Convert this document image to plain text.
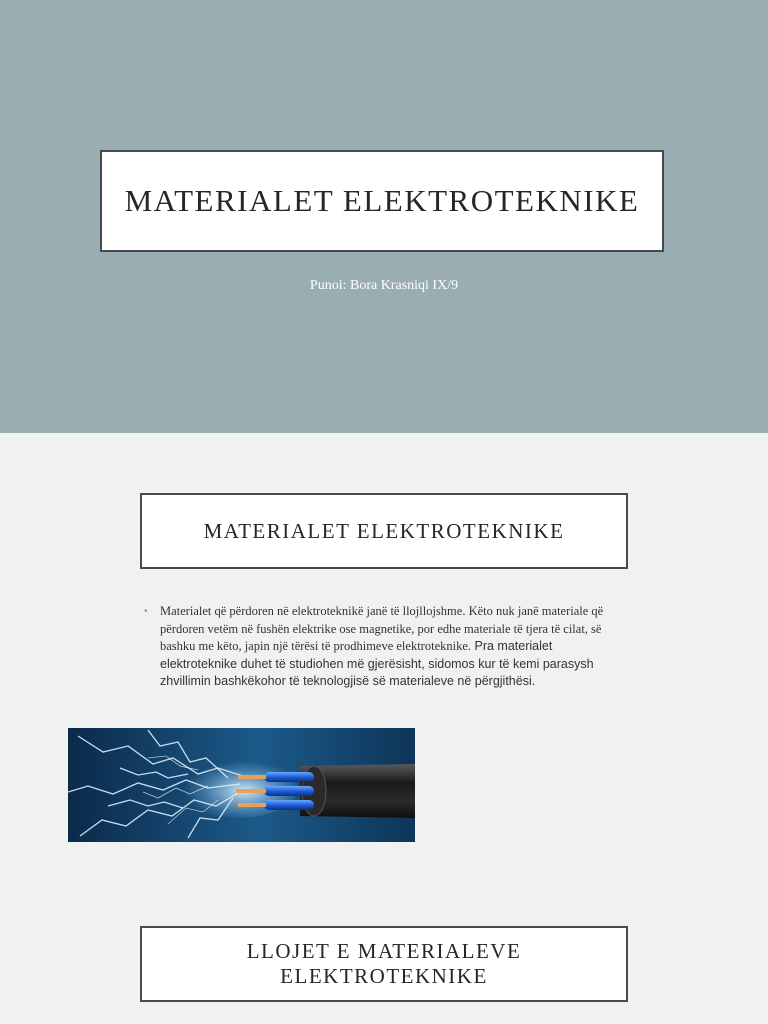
MATERIALET ELEKTROTEKNIKE
Punoi: Bora Krasniqi IX/9
MATERIALET ELEKTROTEKNIKE
• Materialet që përdoren në elektroteknikë janë të llojllojshme. Këto nuk janë materiale që përdoren vetëm në fushën elektrike ose magnetike, por edhe materiale të tjera të cilat, së bashku me këto, japin një tërësi të prodhimeve elektroteknike. Pra materialet elektroteknike duhet të studiohen më gjerësisht, sidomos kur të kemi parasysh zhvillimin bashkëkohor të teknologjisë së materialeve në përgjithësi.
LLOJET E MATERIALEVE
ELEKTROTEKNIKE
